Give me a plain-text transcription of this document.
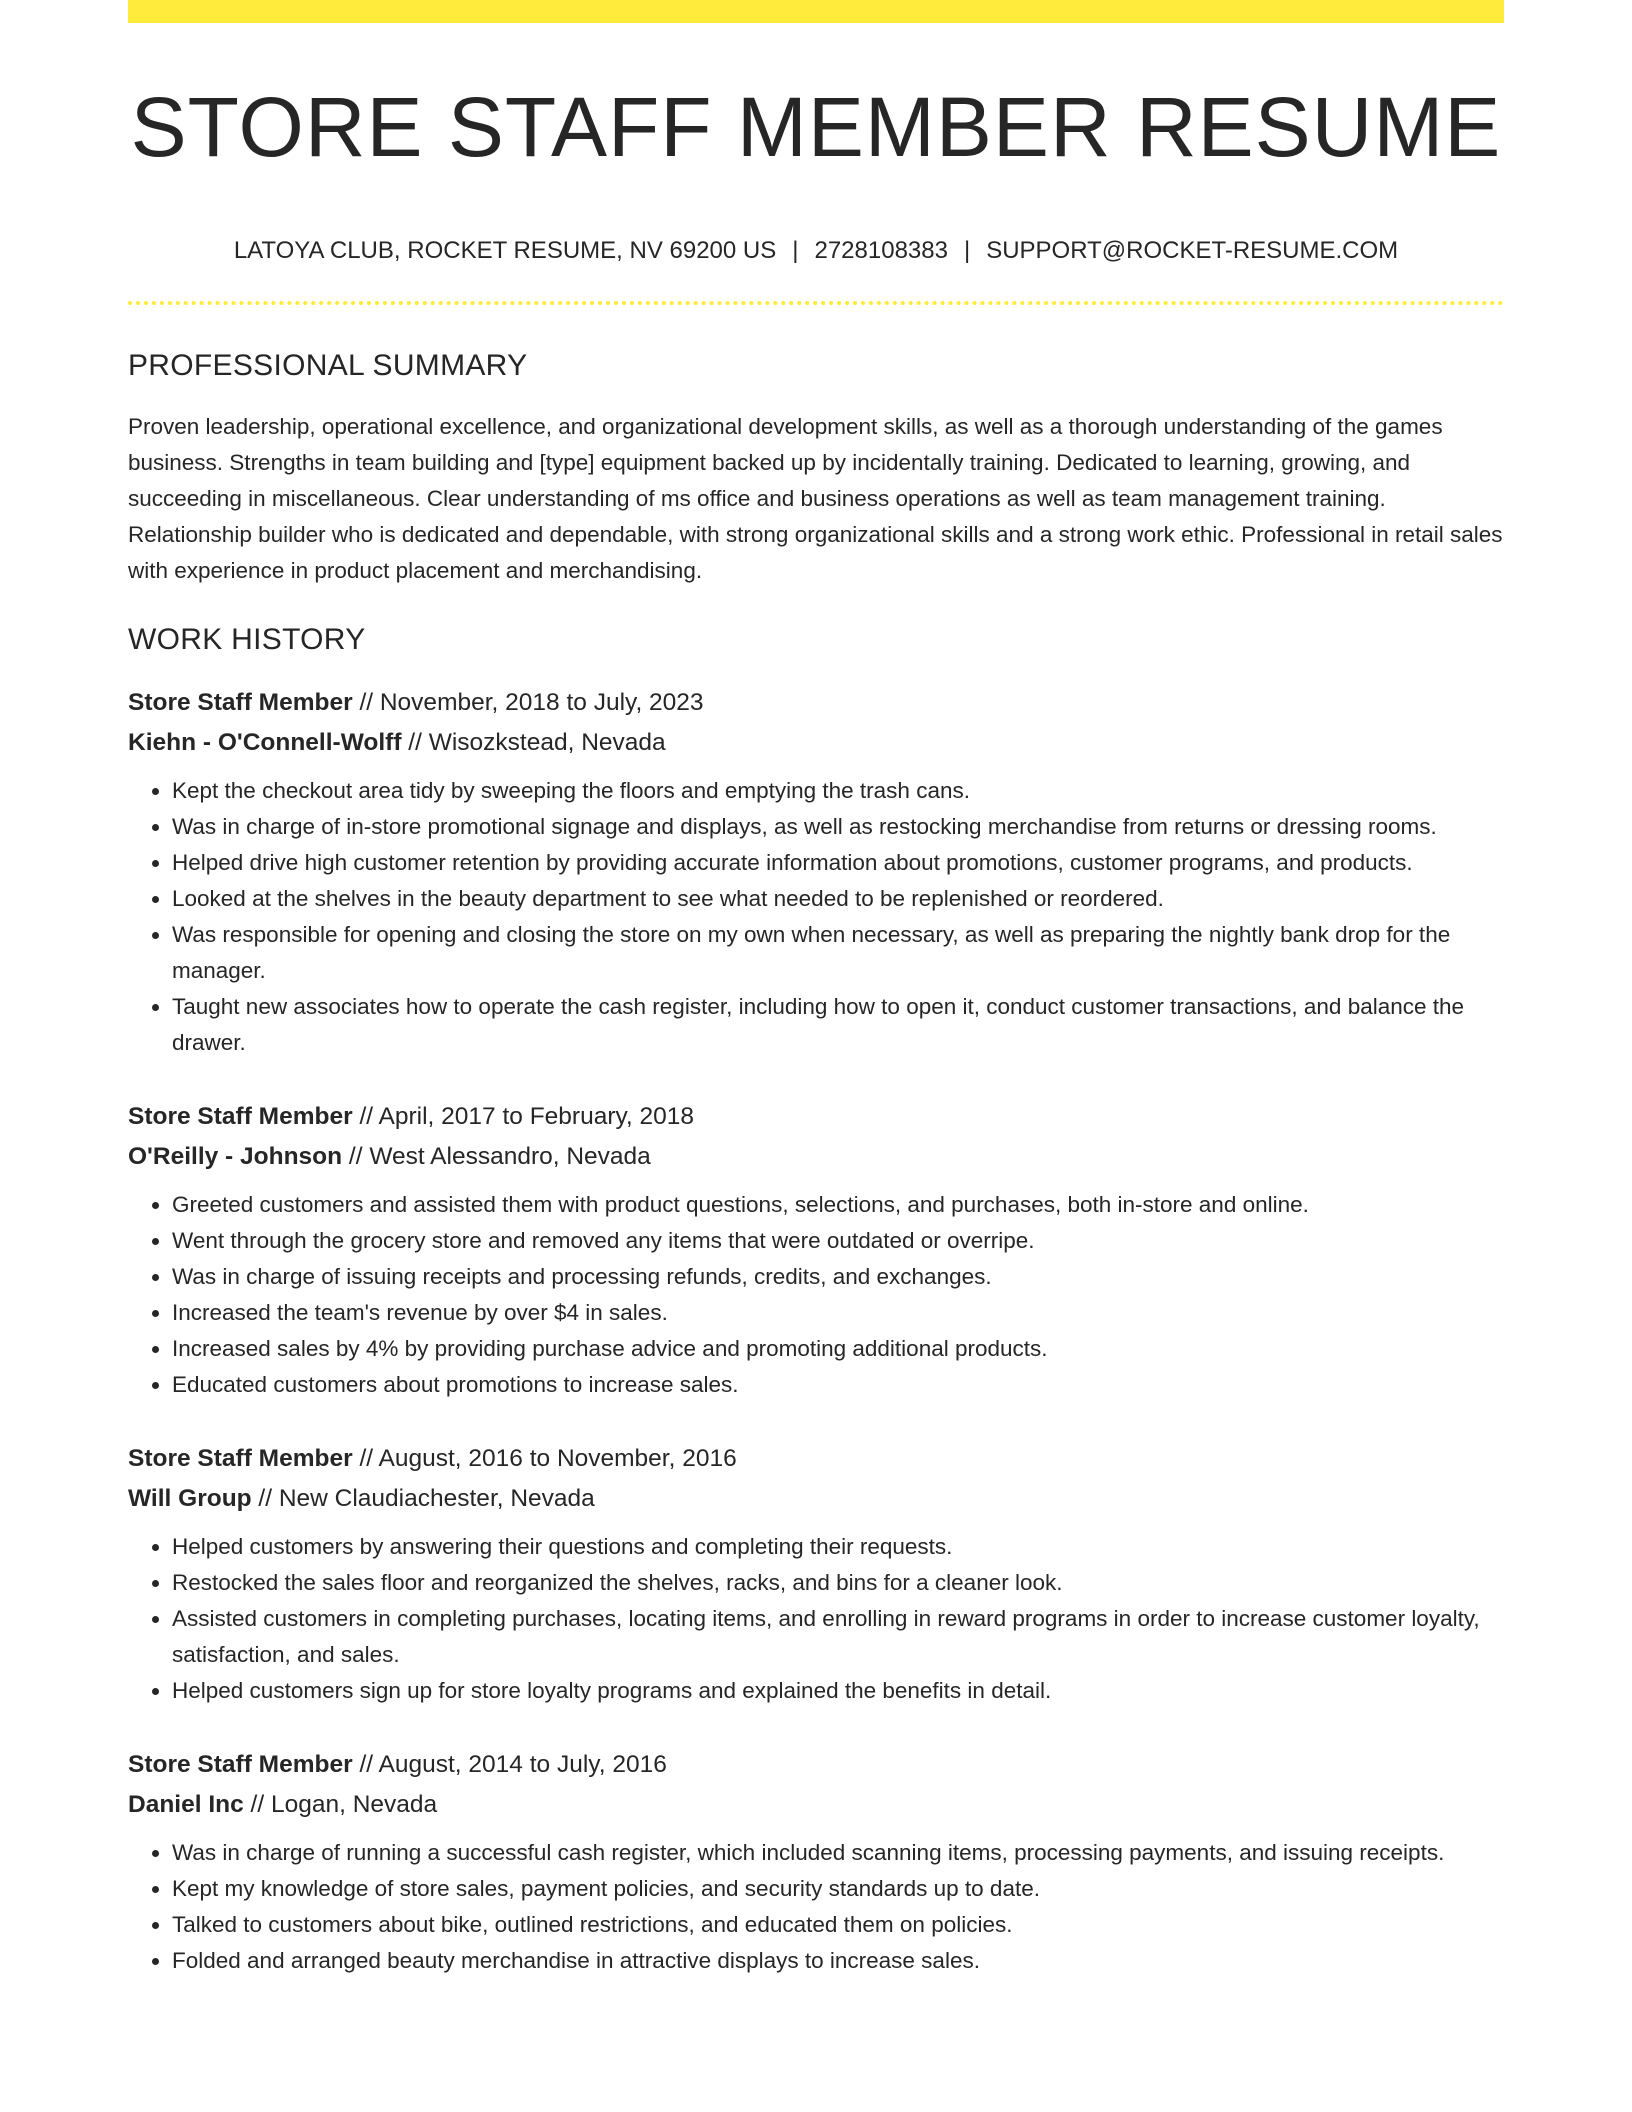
STORE STAFF MEMBER RESUME
LATOYA CLUB, ROCKET RESUME, NV 69200 US | 2728108383 | SUPPORT@ROCKET-RESUME.COM
PROFESSIONAL SUMMARY
Proven leadership, operational excellence, and organizational development skills, as well as a thorough understanding of the games business. Strengths in team building and [type] equipment backed up by incidentally training. Dedicated to learning, growing, and succeeding in miscellaneous. Clear understanding of ms office and business operations as well as team management training. Relationship builder who is dedicated and dependable, with strong organizational skills and a strong work ethic. Professional in retail sales with experience in product placement and merchandising.
WORK HISTORY
Store Staff Member // November, 2018 to July, 2023
Kiehn - O'Connell-Wolff // Wisozkstead, Nevada
• Kept the checkout area tidy by sweeping the floors and emptying the trash cans.
• Was in charge of in-store promotional signage and displays, as well as restocking merchandise from returns or dressing rooms.
• Helped drive high customer retention by providing accurate information about promotions, customer programs, and products.
• Looked at the shelves in the beauty department to see what needed to be replenished or reordered.
• Was responsible for opening and closing the store on my own when necessary, as well as preparing the nightly bank drop for the manager.
• Taught new associates how to operate the cash register, including how to open it, conduct customer transactions, and balance the drawer.
Store Staff Member // April, 2017 to February, 2018
O'Reilly - Johnson // West Alessandro, Nevada
• Greeted customers and assisted them with product questions, selections, and purchases, both in-store and online.
• Went through the grocery store and removed any items that were outdated or overripe.
• Was in charge of issuing receipts and processing refunds, credits, and exchanges.
• Increased the team's revenue by over $4 in sales.
• Increased sales by 4% by providing purchase advice and promoting additional products.
• Educated customers about promotions to increase sales.
Store Staff Member // August, 2016 to November, 2016
Will Group // New Claudiachester, Nevada
• Helped customers by answering their questions and completing their requests.
• Restocked the sales floor and reorganized the shelves, racks, and bins for a cleaner look.
• Assisted customers in completing purchases, locating items, and enrolling in reward programs in order to increase customer loyalty, satisfaction, and sales.
• Helped customers sign up for store loyalty programs and explained the benefits in detail.
Store Staff Member // August, 2014 to July, 2016
Daniel Inc // Logan, Nevada
• Was in charge of running a successful cash register, which included scanning items, processing payments, and issuing receipts.
• Kept my knowledge of store sales, payment policies, and security standards up to date.
• Talked to customers about bike, outlined restrictions, and educated them on policies.
• Folded and arranged beauty merchandise in attractive displays to increase sales.
